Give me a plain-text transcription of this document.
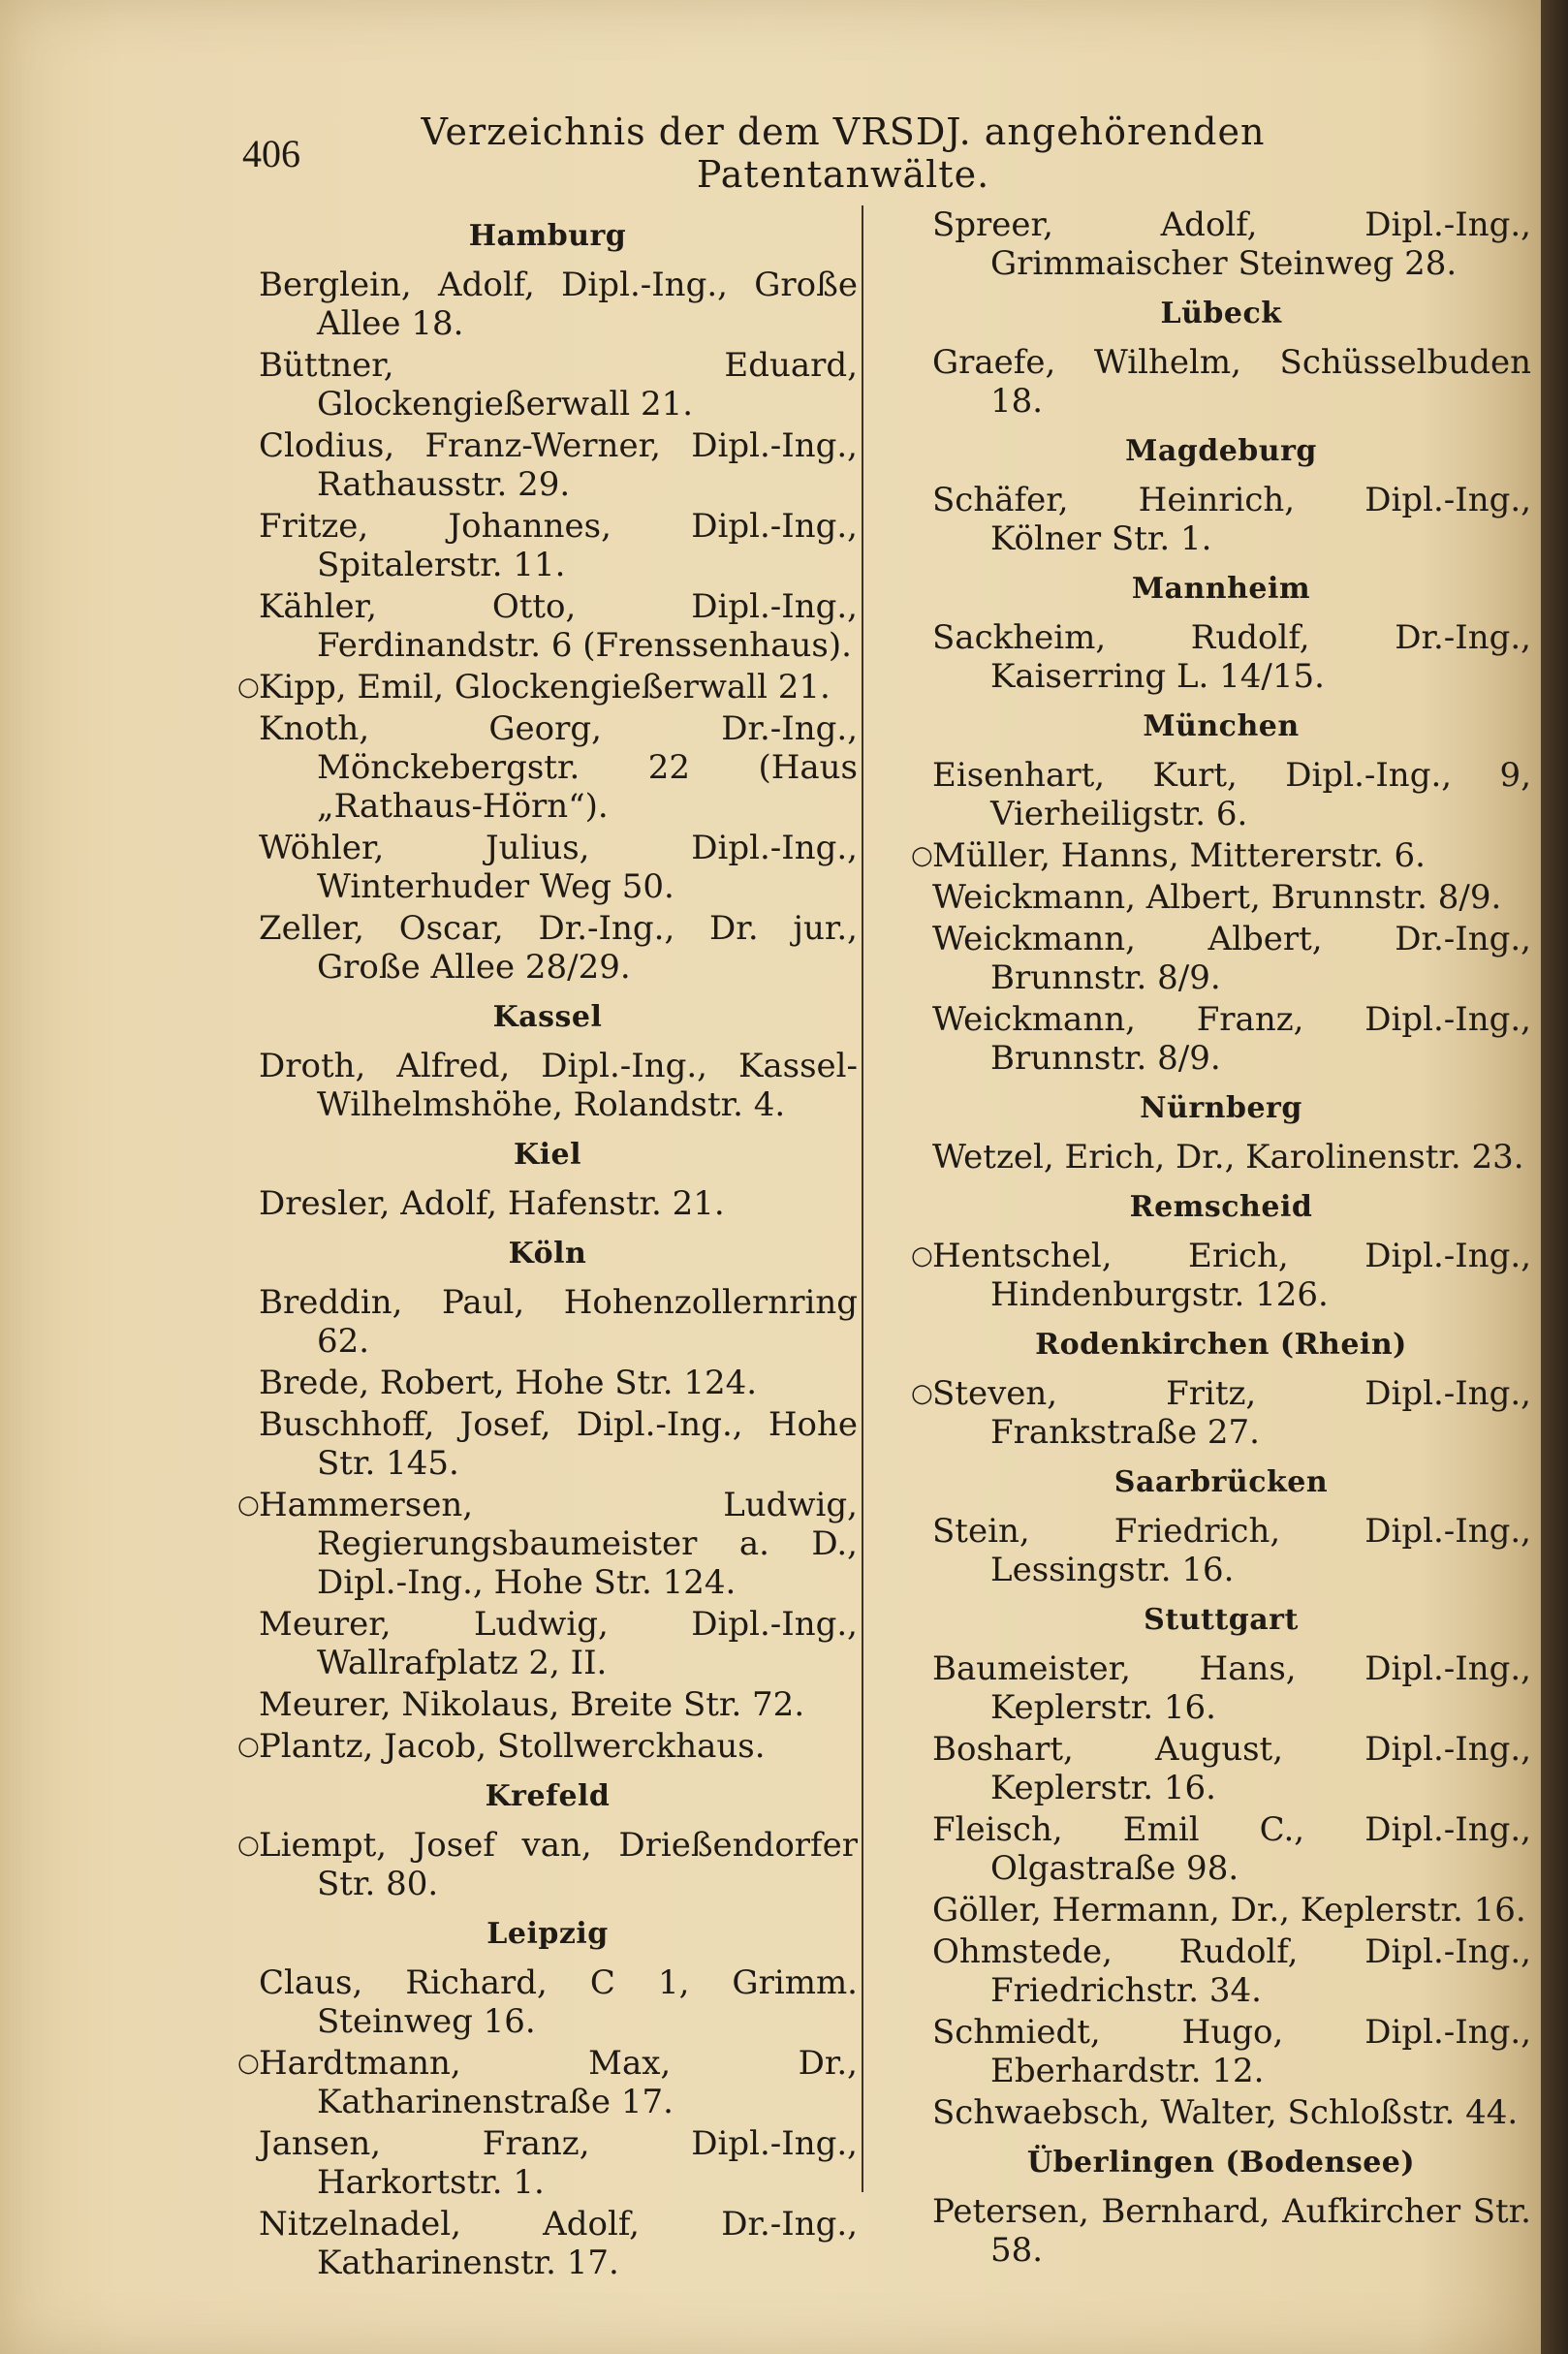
406	Verzeichnis der dem VRSDJ. angehörenden Patentanwälte.
Hamburg
Berglein, Adolf, Dipl.-Ing., Große Allee 18.
Büttner, Eduard, Glockengießerwall 21.
Clodius, Franz-Werner, Dipl.-Ing., Rathausstr. 29.
Fritze, Johannes, Dipl.-Ing., Spitalerstr. 11.
Kähler, Otto, Dipl.-Ing., Ferdinandstr. 6 (Frenssenhaus).
○ Kipp, Emil, Glockengießerwall 21.
Knoth, Georg, Dr.-Ing., Mönckebergstr. 22 (Haus „Rathaus-Hörn“).
Wöhler, Julius, Dipl.-Ing., Winterhuder Weg 50.
Zeller, Oscar, Dr.-Ing., Dr. jur., Große Allee 28/29.
Kassel
Droth, Alfred, Dipl.-Ing., Kassel-Wilhelmshöhe, Rolandstr. 4.
Kiel
Dresler, Adolf, Hafenstr. 21.
Köln
Breddin, Paul, Hohenzollernring 62.
Brede, Robert, Hohe Str. 124.
Buschhoff, Josef, Dipl.-Ing., Hohe Str. 145.
○ Hammersen, Ludwig, Regierungsbaumeister a. D., Dipl.-Ing., Hohe Str. 124.
Meurer, Ludwig, Dipl.-Ing., Wallrafplatz 2, II.
Meurer, Nikolaus, Breite Str. 72.
○ Plantz, Jacob, Stollwerckhaus.
Krefeld
○ Liempt, Josef van, Drießendorfer Str. 80.
Leipzig
Claus, Richard, C 1, Grimm. Steinweg 16.
○ Hardtmann, Max, Dr., Katharinenstraße 17.
Jansen, Franz, Dipl.-Ing., Harkortstr. 1.
Nitzelnadel, Adolf, Dr.-Ing., Katharinenstr. 17.
Spreer, Adolf, Dipl.-Ing., Grimmaischer Steinweg 28.
Lübeck
Graefe, Wilhelm, Schüsselbuden 18.
Magdeburg
Schäfer, Heinrich, Dipl.-Ing., Kölner Str. 1.
Mannheim
Sackheim, Rudolf, Dr.-Ing., Kaiserring L. 14/15.
München
Eisenhart, Kurt, Dipl.-Ing., 9, Vierheiligstr. 6.
○ Müller, Hanns, Mittererstr. 6.
Weickmann, Albert, Brunnstr. 8/9.
Weickmann, Albert, Dr.-Ing., Brunnstr. 8/9.
Weickmann, Franz, Dipl.-Ing., Brunnstr. 8/9.
Nürnberg
Wetzel, Erich, Dr., Karolinenstr. 23.
Remscheid
○ Hentschel, Erich, Dipl.-Ing., Hindenburgstr. 126.
Rodenkirchen (Rhein)
○ Steven, Fritz, Dipl.-Ing., Frankstraße 27.
Saarbrücken
Stein, Friedrich, Dipl.-Ing., Lessingstr. 16.
Stuttgart
Baumeister, Hans, Dipl.-Ing., Keplerstr. 16.
Boshart, August, Dipl.-Ing., Keplerstr. 16.
Fleisch, Emil C., Dipl.-Ing., Olgastraße 98.
Göller, Hermann, Dr., Keplerstr. 16.
Ohmstede, Rudolf, Dipl.-Ing., Friedrichstr. 34.
Schmiedt, Hugo, Dipl.-Ing., Eberhardstr. 12.
Schwaebsch, Walter, Schloßstr. 44.
Überlingen (Bodensee)
Petersen, Bernhard, Aufkircher Str. 58.
